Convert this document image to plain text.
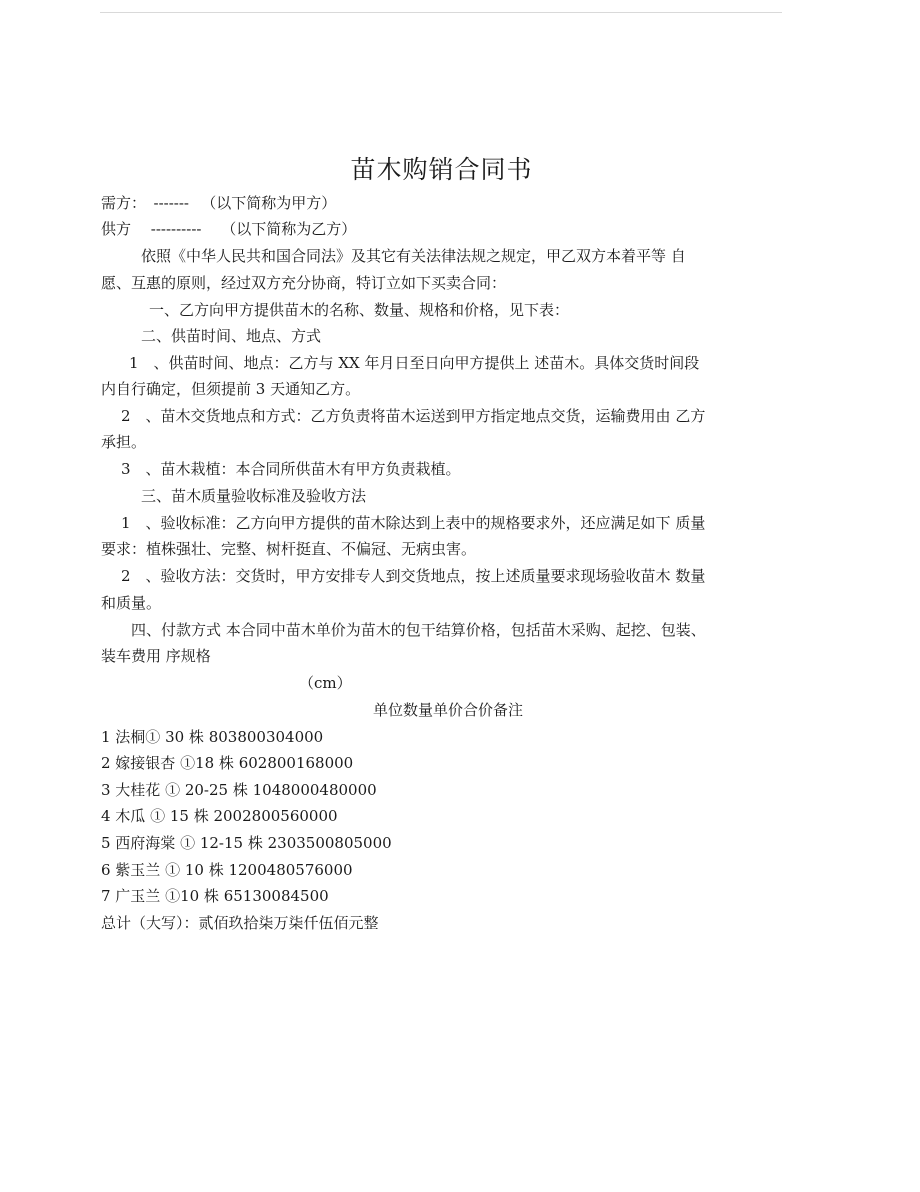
苗木购销合同书
需方：　------- 　（以下简称为甲方）
供方　 ----------　 （以下简称为乙方）
依照《中华人民共和国合同法》及其它有关法律法规之规定，甲乙双方本着平等 自
愿、互惠的原则，经过双方充分协商，特订立如下买卖合同：
一、乙方向甲方提供苗木的名称、数量、规格和价格，见下表：
二、供苗时间、地点、方式
1　、供苗时间、地点：乙方与 XX 年月日至日向甲方提供上 述苗木。具体交货时间段
内自行确定，但须提前 3 天通知乙方。
2　、苗木交货地点和方式：乙方负责将苗木运送到甲方指定地点交货，运输费用由 乙方
承担。
3　、苗木栽植：本合同所供苗木有甲方负责栽植。
三、苗木质量验收标准及验收方法
1　、验收标准：乙方向甲方提供的苗木除达到上表中的规格要求外，还应满足如下 质量
要求：植株强壮、完整、树杆挺直、不偏冠、无病虫害。
2　、验收方法：交货时，甲方安排专人到交货地点，按上述质量要求现场验收苗木 数量
和质量。
四、付款方式 本合同中苗木单价为苗木的包干结算价格，包括苗木采购、起挖、包装、
装车费用 序规格
（cm）
单位数量单价合价备注
1 法桐① 30 株 803800304000
2 嫁接银杏 ①18 株 602800168000
3 大桂花 ① 20-25 株 1048000480000
4 木瓜 ① 15 株 2002800560000
5 西府海棠 ① 12-15 株 2303500805000
6 紫玉兰 ① 10 株 1200480576000
7 广玉兰 ①10 株 65130084500
总计（大写）：贰佰玖拾柒万柒仟伍佰元整
